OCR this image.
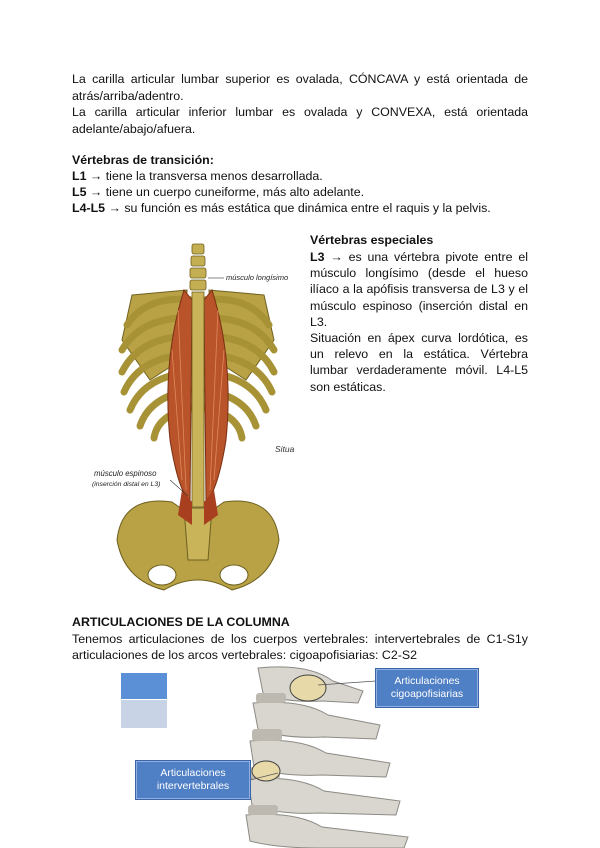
La carilla articular lumbar superior es ovalada, CÓNCAVA y está orientada de atrás/arriba/adentro.

La carilla articular inferior lumbar es ovalada y CONVEXA, está orientada adelante/abajo/afuera.

Vértebras de transición:

L1 → tiene la transversa menos desarrollada.

L5 → tiene un cuerpo cuneiforme, más alto adelante.

L4-L5 → su función es más estática que dinámica entre el raquis y la pelvis.

músculo longísimo
músculo espinoso
(inserción distal en L3)
Situa

Vértebras especiales

L3 → es una vértebra pivote entre el músculo longísimo (desde el hueso ilíaco a la apófisis transversa de L3 y el músculo espinoso (inserción distal en L3.

Situación en ápex curva lordótica, es un relevo en la estática. Vértebra lumbar verdaderamente móvil. L4-L5 son estáticas.

ARTICULACIONES DE LA COLUMNA

Tenemos articulaciones de los cuerpos vertebrales: intervertebrales de C1-S1y articulaciones de los arcos vertebrales: cigoapofisiarias: C2-S2

Articulaciones cigoapofisiarias
Articulaciones intervertebrales
